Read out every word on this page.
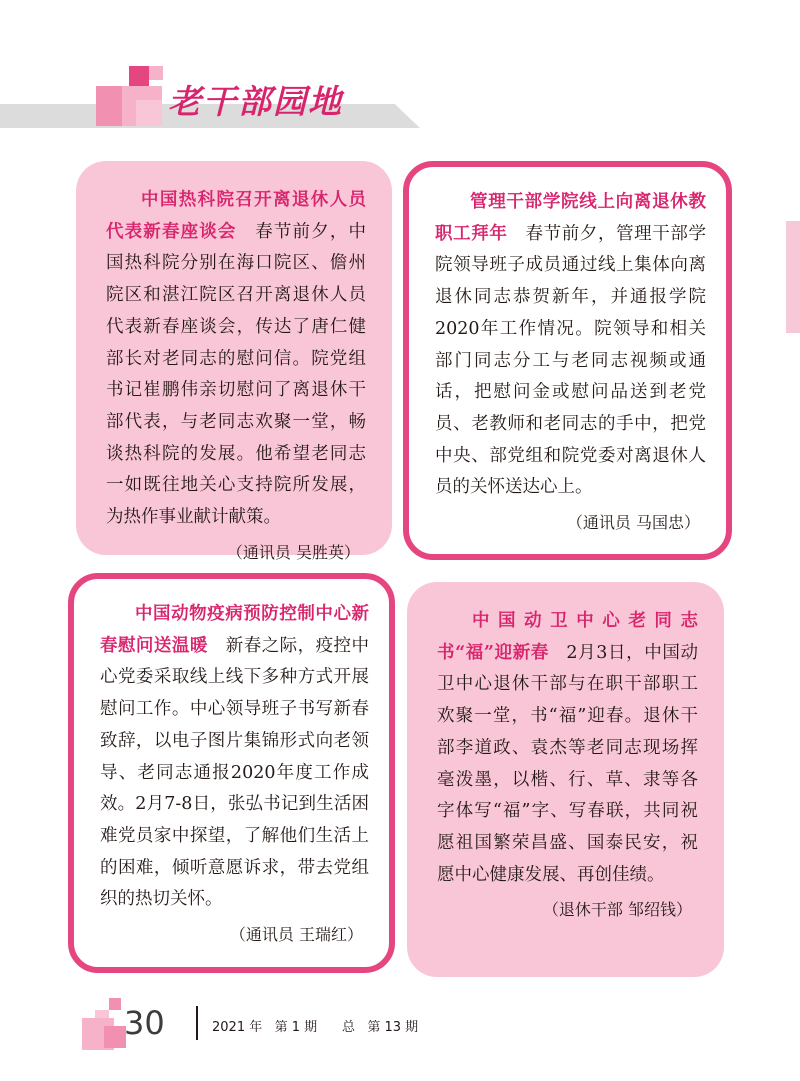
老干部园地

中国热科院召开离退休人员代表新春座谈会   春节前夕，中国热科院分别在海口院区、儋州院区和湛江院区召开离退休人员代表新春座谈会，传达了唐仁健部长对老同志的慰问信。院党组书记崔鹏伟亲切慰问了离退休干部代表，与老同志欢聚一堂，畅谈热科院的发展。他希望老同志一如既往地关心支持院所发展，为热作事业献计献策。

（通讯员 吴胜英）

管理干部学院线上向离退休教职工拜年   春节前夕，管理干部学院领导班子成员通过线上集体向离退休同志恭贺新年，并通报学院2020年工作情况。院领导和相关部门同志分工与老同志视频或通话，把慰问金或慰问品送到老党员、老教师和老同志的手中，把党中央、部党组和院党委对离退休人员的关怀送达心上。

（通讯员 马国忠）

中国动物疫病预防控制中心新春慰问送温暖   新春之际，疫控中心党委采取线上线下多种方式开展慰问工作。中心领导班子书写新春致辞，以电子图片集锦形式向老领导、老同志通报2020年度工作成效。2月7-8日，张弘书记到生活困难党员家中探望，了解他们生活上的困难，倾听意愿诉求，带去党组织的热切关怀。

（通讯员 王瑞红）

中国动卫中心老同志书“福”迎新春   2月3日，中国动卫中心退休干部与在职干部职工欢聚一堂，书“福”迎春。退休干部李道政、袁杰等老同志现场挥毫泼墨，以楷、行、草、隶等各字体写“福”字、写春联，共同祝愿祖国繁荣昌盛、国泰民安，祝愿中心健康发展、再创佳绩。

（退休干部 邹绍钱）
30	2021 年   第 1 期      总   第 13 期
